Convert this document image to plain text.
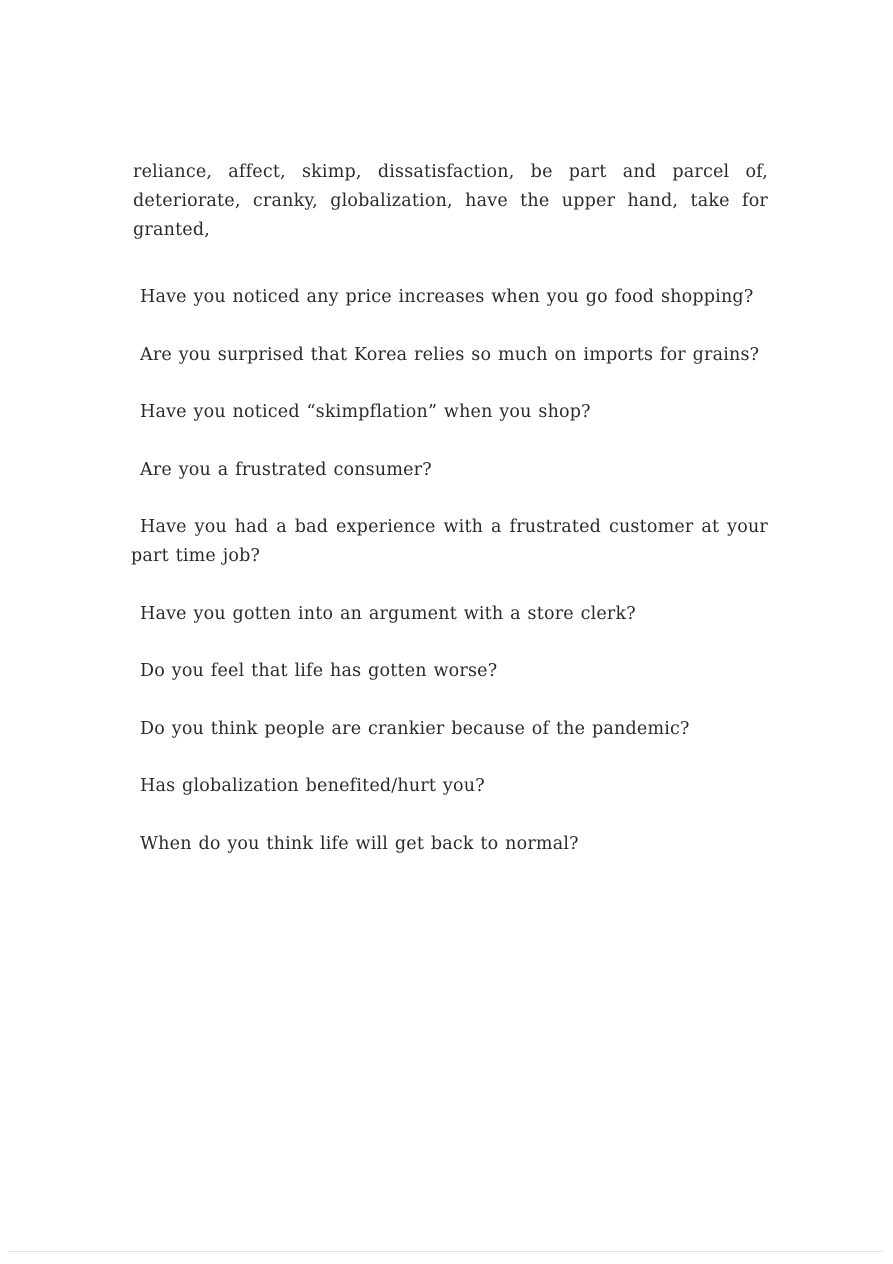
reliance, affect, skimp, dissatisfaction, be part and parcel of, deteriorate, cranky, globalization, have the upper hand, take for granted,

Have you noticed any price increases when you go food shopping?
Are you surprised that Korea relies so much on imports for grains?
Have you noticed “skimpflation” when you shop?
Are you a frustrated consumer?
Have you had a bad experience with a frustrated customer at your part time job?
Have you gotten into an argument with a store clerk?
Do you feel that life has gotten worse?
Do you think people are crankier because of the pandemic?
Has globalization benefited/hurt you?
When do you think life will get back to normal?
